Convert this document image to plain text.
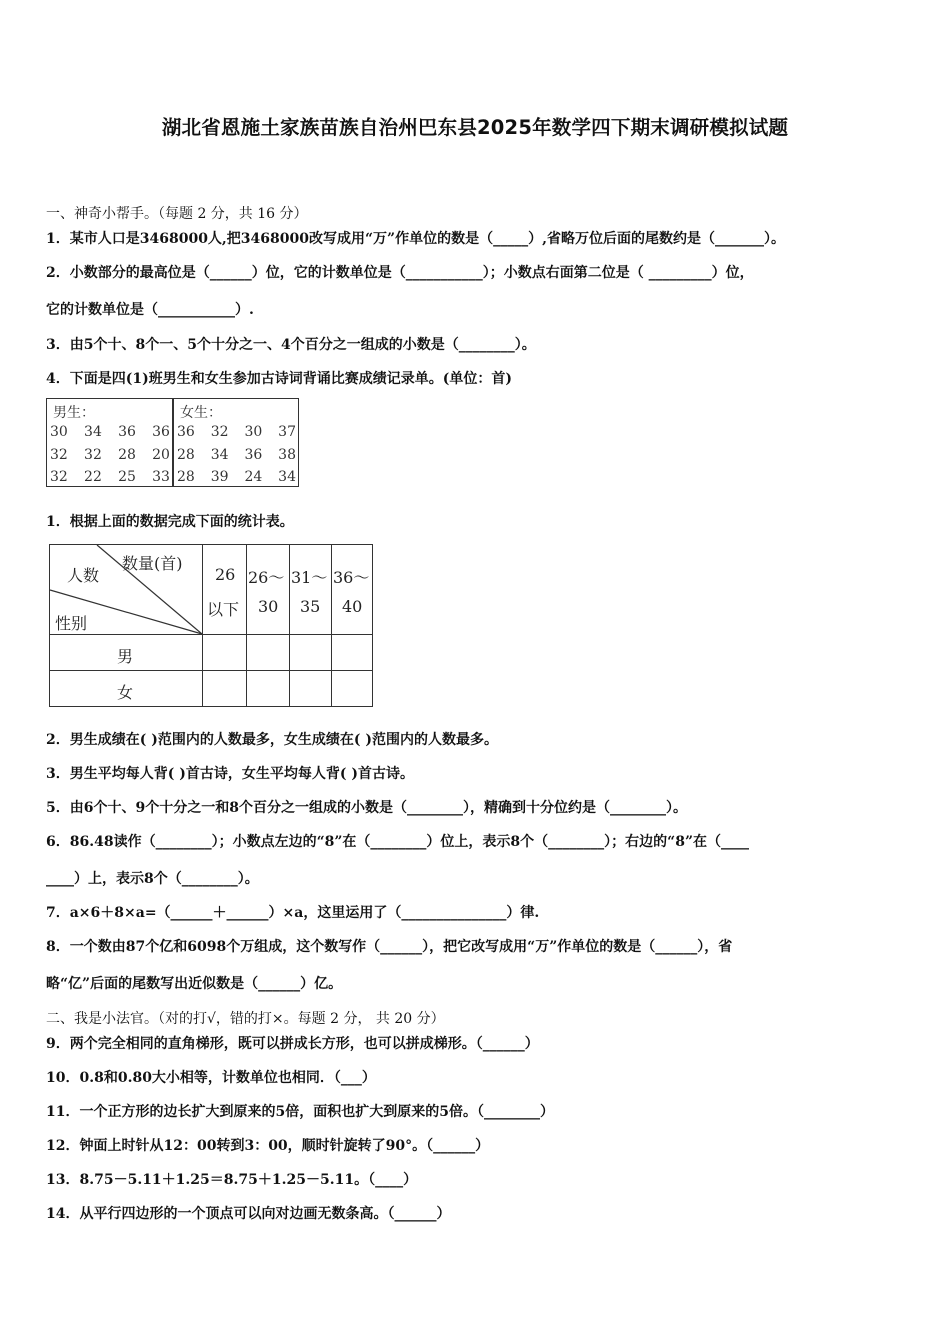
湖北省恩施土家族苗族自治州巴东县2025年数学四下期末调研模拟试题
一、神奇小帮手。（每题 2 分，共 16 分）
1．某市人口是3468000人,把3468000改写成用“万”作单位的数是（_____）,省略万位后面的尾数约是（_______）。
2．小数部分的最高位是（______）位，它的计数单位是（___________）；小数点右面第二位是（ _________）位，
它的计数单位是（___________）.
3．由5个十、8个一、5个十分之一、4个百分之一组成的小数是（________）。
4．下面是四(1)班男生和女生参加古诗词背诵比赛成绩记录单。(单位：首)
男生：
30 34 36 36
32 32 28 20
32 22 25 33
女生：
36 32 30 37
28 34 36 38
28 39 24 34
1．根据上面的数据完成下面的统计表。
数量(首)
人数
性别
26
以下
26～
30
31～
35
36～
40
男
女
2．男生成绩在( )范围内的人数最多，女生成绩在( )范围内的人数最多。
3．男生平均每人背( )首古诗，女生平均每人背( )首古诗。
5．由6个十、9个十分之一和8个百分之一组成的小数是（________），精确到十分位约是（________）。
6．86.48读作（________）；小数点左边的“8”在（________）位上，表示8个（________）；右边的“8”在（____
____）上，表示8个（________）。
7．a×6＋8×a=（______＋______）×a，这里运用了（_______________）律.
8．一个数由87个亿和6098个万组成，这个数写作（______），把它改写成用“万”作单位的数是（______），省
略“亿”后面的尾数写出近似数是（______）亿。
二、我是小法官。（对的打√，错的打×。每题 2 分， 共 20 分）
9．两个完全相同的直角梯形，既可以拼成长方形，也可以拼成梯形。（______）
10．0.8和0.80大小相等，计数单位也相同．（___）
11．一个正方形的边长扩大到原来的5倍，面积也扩大到原来的5倍。（________）
12．钟面上时针从12：00转到3：00，顺时针旋转了90°。（______）
13．8.75－5.11＋1.25＝8.75＋1.25－5.11。（____）
14．从平行四边形的一个顶点可以向对边画无数条高。（______）
